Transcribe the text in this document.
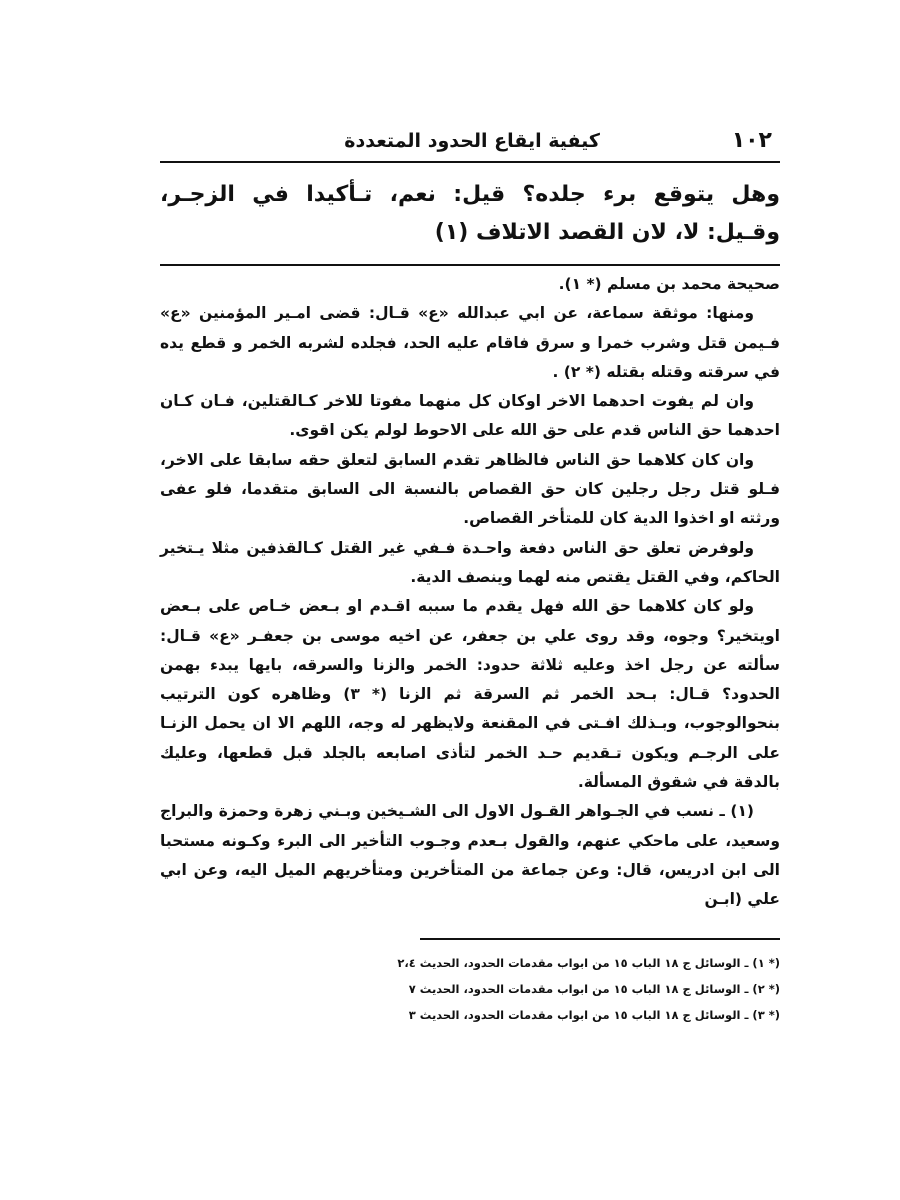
١٠٢
كيفية ايقاع الحدود المتعددة
وهل يتوقع برء جلده؟ قيل: نعم، تـأكيدا في الزجـر، وقـيل: لا، لان القصد الاتلاف (١)

صحيحة محمد بن مسلم (* ١).

ومنها: موثقة سماعة، عن ابي عبدالله «ع» قـال: قضى امـير المؤمنين «ع» فـيمن قتل وشرب خمرا و سرق فاقام عليه الحد، فجلده لشربه الخمر و قطع يده في سرقته وقتله بقتله (* ٢) .

وان لم يفوت احدهما الاخر اوكان كل منهما مفوتا للاخر كـالقتلين، فـان كـان احدهما حق الناس قدم على حق الله على الاحوط لولم يكن اقوى.

وان كان كلاهما حق الناس فالظاهر تقدم السابق لتعلق حقه سابقا على الاخر، فـلو قتل رجل رجلين كان حق القصاص بالنسبة الى السابق متقدما، فلو عفى ورثته او اخذوا الدية كان للمتأخر القصاص.

ولوفرض تعلق حق الناس دفعة واحـدة فـفي غير القتل كـالقذفين مثلا يـتخير الحاكم، وفي القتل يقتص منه لهما وينصف الدية.

ولو كان كلاهما حق الله فهل يقدم ما سببه اقـدم او بـعض خـاص على بـعض اويتخير؟ وجوه، وقد روى علي بن جعفر، عن اخيه موسى بن جعفـر «ع» قـال: سألته عن رجل اخذ وعليه ثلاثة حدود: الخمر والزنا والسرقه، بايها يبدء بهمن الحدود؟ قـال: بـحد الخمر ثم السرقة ثم الزنا (* ٣) وظاهره كون الترتيب بنحوالوجوب، وبـذلك افـتى في المقنعة ولايظهر له وجه، اللهم الا ان يحمل الزنـا على الرجـم ويكون تـقديم حـد الخمر لتأذى اصابعه بالجلد قبل قطعها، وعليك بالدقة في شقوق المسألة.

(١) ـ نسب في الجـواهر القـول الاول الى الشـيخين وبـني زهرة وحمزة والبراج وسعيد، على ماحكي عنهم، والقول بـعدم وجـوب التأخير الى البرء وكـونه مستحبا الى ابن ادريس، قال: وعن جماعة من المتأخرين ومتأخريهم الميل اليه، وعن ابي علي (ابـن

(* ١) ـ الوسائل ج ١٨ الباب ١٥ من ابواب مقدمات الحدود، الحديث ٢،٤
(* ٢) ـ الوسائل ج ١٨ الباب ١٥ من ابواب مقدمات الحدود، الحديث ٧
(* ٣) ـ الوسائل ج ١٨ الباب ١٥ من ابواب مقدمات الحدود، الحديث ٣
